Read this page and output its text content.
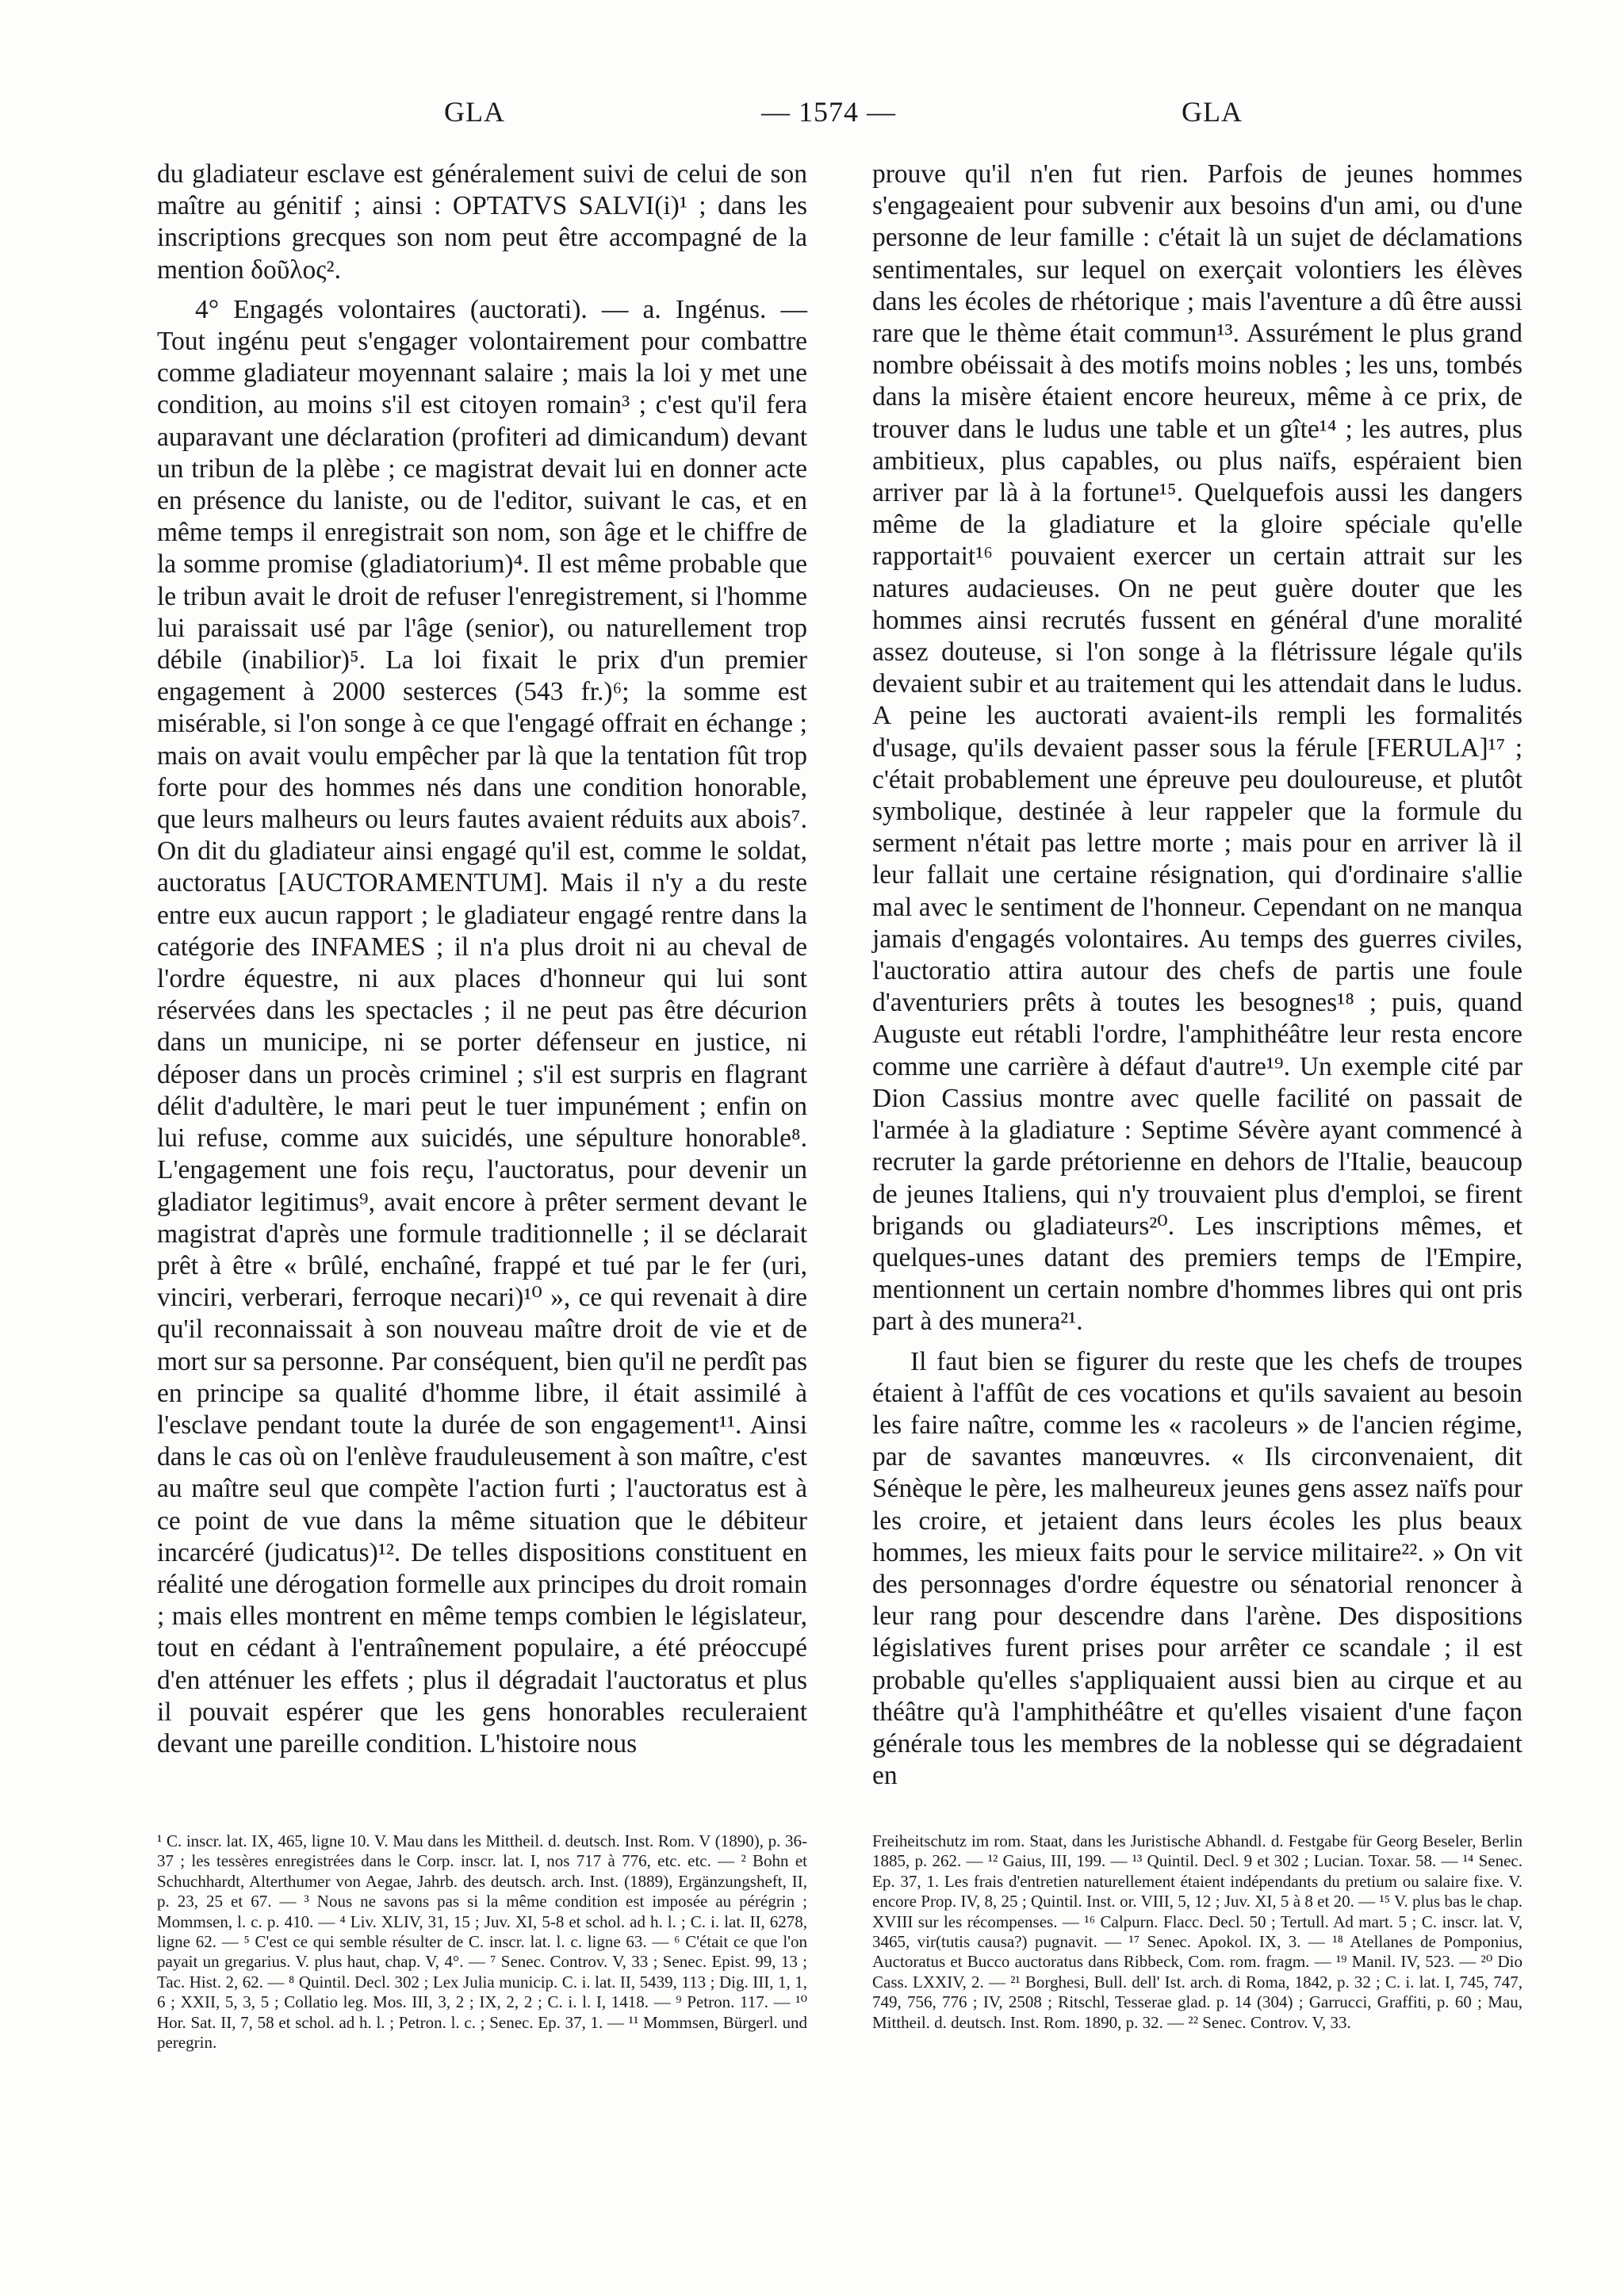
GLA	— 1574 —	GLA

du gladiateur esclave est généralement suivi de celui de son maître au génitif ; ainsi : OPTATVS SALVI(i)¹ ; dans les inscriptions grecques son nom peut être accompagné de la mention δοῦλος².

4° Engagés volontaires (auctorati). — a. Ingénus. — Tout ingénu peut s'engager volontairement pour combattre comme gladiateur moyennant salaire ; mais la loi y met une condition, au moins s'il est citoyen romain³ ; c'est qu'il fera auparavant une déclaration (profiteri ad dimicandum) devant un tribun de la plèbe ; ce magistrat devait lui en donner acte en présence du laniste, ou de l'editor, suivant le cas, et en même temps il enregistrait son nom, son âge et le chiffre de la somme promise (gladiatorium)⁴. Il est même probable que le tribun avait le droit de refuser l'enregistrement, si l'homme lui paraissait usé par l'âge (senior), ou naturellement trop débile (inabilior)⁵. La loi fixait le prix d'un premier engagement à 2000 sesterces (543 fr.)⁶; la somme est misérable, si l'on songe à ce que l'engagé offrait en échange ; mais on avait voulu empêcher par là que la tentation fût trop forte pour des hommes nés dans une condition honorable, que leurs malheurs ou leurs fautes avaient réduits aux abois⁷. On dit du gladiateur ainsi engagé qu'il est, comme le soldat, auctoratus [AUCTORAMENTUM]. Mais il n'y a du reste entre eux aucun rapport ; le gladiateur engagé rentre dans la catégorie des INFAMES ; il n'a plus droit ni au cheval de l'ordre équestre, ni aux places d'honneur qui lui sont réservées dans les spectacles ; il ne peut pas être décurion dans un municipe, ni se porter défenseur en justice, ni déposer dans un procès criminel ; s'il est surpris en flagrant délit d'adultère, le mari peut le tuer impunément ; enfin on lui refuse, comme aux suicidés, une sépulture honorable⁸. L'engagement une fois reçu, l'auctoratus, pour devenir un gladiator legitimus⁹, avait encore à prêter serment devant le magistrat d'après une formule traditionnelle ; il se déclarait prêt à être « brûlé, enchaîné, frappé et tué par le fer (uri, vinciri, verberari, ferroque necari)¹⁰ », ce qui revenait à dire qu'il reconnaissait à son nouveau maître droit de vie et de mort sur sa personne. Par conséquent, bien qu'il ne perdît pas en principe sa qualité d'homme libre, il était assimilé à l'esclave pendant toute la durée de son engagement¹¹. Ainsi dans le cas où on l'enlève frauduleusement à son maître, c'est au maître seul que compète l'action furti ; l'auctoratus est à ce point de vue dans la même situation que le débiteur incarcéré (judicatus)¹². De telles dispositions constituent en réalité une dérogation formelle aux principes du droit romain ; mais elles montrent en même temps combien le législateur, tout en cédant à l'entraînement populaire, a été préoccupé d'en atténuer les effets ; plus il dégradait l'auctoratus et plus il pouvait espérer que les gens honorables reculeraient devant une pareille condition. L'histoire nous

prouve qu'il n'en fut rien. Parfois de jeunes hommes s'engageaient pour subvenir aux besoins d'un ami, ou d'une personne de leur famille : c'était là un sujet de déclamations sentimentales, sur lequel on exerçait volontiers les élèves dans les écoles de rhétorique ; mais l'aventure a dû être aussi rare que le thème était commun¹³. Assurément le plus grand nombre obéissait à des motifs moins nobles ; les uns, tombés dans la misère étaient encore heureux, même à ce prix, de trouver dans le ludus une table et un gîte¹⁴ ; les autres, plus ambitieux, plus capables, ou plus naïfs, espéraient bien arriver par là à la fortune¹⁵. Quelquefois aussi les dangers même de la gladiature et la gloire spéciale qu'elle rapportait¹⁶ pouvaient exercer un certain attrait sur les natures audacieuses. On ne peut guère douter que les hommes ainsi recrutés fussent en général d'une moralité assez douteuse, si l'on songe à la flétrissure légale qu'ils devaient subir et au traitement qui les attendait dans le ludus. A peine les auctorati avaient-ils rempli les formalités d'usage, qu'ils devaient passer sous la férule [FERULA]¹⁷ ; c'était probablement une épreuve peu douloureuse, et plutôt symbolique, destinée à leur rappeler que la formule du serment n'était pas lettre morte ; mais pour en arriver là il leur fallait une certaine résignation, qui d'ordinaire s'allie mal avec le sentiment de l'honneur. Cependant on ne manqua jamais d'engagés volontaires. Au temps des guerres civiles, l'auctoratio attira autour des chefs de partis une foule d'aventuriers prêts à toutes les besognes¹⁸ ; puis, quand Auguste eut rétabli l'ordre, l'amphithéâtre leur resta encore comme une carrière à défaut d'autre¹⁹. Un exemple cité par Dion Cassius montre avec quelle facilité on passait de l'armée à la gladiature : Septime Sévère ayant commencé à recruter la garde prétorienne en dehors de l'Italie, beaucoup de jeunes Italiens, qui n'y trouvaient plus d'emploi, se firent brigands ou gladiateurs²⁰. Les inscriptions mêmes, et quelques-unes datant des premiers temps de l'Empire, mentionnent un certain nombre d'hommes libres qui ont pris part à des munera²¹.

Il faut bien se figurer du reste que les chefs de troupes étaient à l'affût de ces vocations et qu'ils savaient au besoin les faire naître, comme les « racoleurs » de l'ancien régime, par de savantes manœuvres. « Ils circonvenaient, dit Sénèque le père, les malheureux jeunes gens assez naïfs pour les croire, et jetaient dans leurs écoles les plus beaux hommes, les mieux faits pour le service militaire²². » On vit des personnages d'ordre équestre ou sénatorial renoncer à leur rang pour descendre dans l'arène. Des dispositions législatives furent prises pour arrêter ce scandale ; il est probable qu'elles s'appliquaient aussi bien au cirque et au théâtre qu'à l'amphithéâtre et qu'elles visaient d'une façon générale tous les membres de la noblesse qui se dégradaient en

¹ C. inscr. lat. IX, 465, ligne 10. V. Mau dans les Mittheil. d. deutsch. Inst. Rom. V (1890), p. 36-37 ; les tessères enregistrées dans le Corp. inscr. lat. I, nos 717 à 776, etc. etc. — ² Bohn et Schuchhardt, Alterthumer von Aegae, Jahrb. des deutsch. arch. Inst. (1889), Ergänzungsheft, II, p. 23, 25 et 67. — ³ Nous ne savons pas si la même condition est imposée au pérégrin ; Mommsen, l. c. p. 410. — ⁴ Liv. XLIV, 31, 15 ; Juv. XI, 5-8 et schol. ad h. l. ; C. i. lat. II, 6278, ligne 62. — ⁵ C'est ce qui semble résulter de C. inscr. lat. l. c. ligne 63. — ⁶ C'était ce que l'on payait un gregarius. V. plus haut, chap. V, 4°. — ⁷ Senec. Controv. V, 33 ; Senec. Epist. 99, 13 ; Tac. Hist. 2, 62. — ⁸ Quintil. Decl. 302 ; Lex Julia municip. C. i. lat. II, 5439, 113 ; Dig. III, 1, 1, 6 ; XXII, 5, 3, 5 ; Collatio leg. Mos. III, 3, 2 ; IX, 2, 2 ; C. i. l. I, 1418. — ⁹ Petron. 117. — ¹⁰ Hor. Sat. II, 7, 58 et schol. ad h. l. ; Petron. l. c. ; Senec. Ep. 37, 1. — ¹¹ Mommsen, Bürgerl. und peregrin.
Freiheitschutz im rom. Staat, dans les Juristische Abhandl. d. Festgabe für Georg Beseler, Berlin 1885, p. 262. — ¹² Gaius, III, 199. — ¹³ Quintil. Decl. 9 et 302 ; Lucian. Toxar. 58. — ¹⁴ Senec. Ep. 37, 1. Les frais d'entretien naturellement étaient indépendants du pretium ou salaire fixe. V. encore Prop. IV, 8, 25 ; Quintil. Inst. or. VIII, 5, 12 ; Juv. XI, 5 à 8 et 20. — ¹⁵ V. plus bas le chap. XVIII sur les récompenses. — ¹⁶ Calpurn. Flacc. Decl. 50 ; Tertull. Ad mart. 5 ; C. inscr. lat. V, 3465, vir(tutis causa?) pugnavit. — ¹⁷ Senec. Apokol. IX, 3. — ¹⁸ Atellanes de Pomponius, Auctoratus et Bucco auctoratus dans Ribbeck, Com. rom. fragm. — ¹⁹ Manil. IV, 523. — ²⁰ Dio Cass. LXXIV, 2. — ²¹ Borghesi, Bull. dell' Ist. arch. di Roma, 1842, p. 32 ; C. i. lat. I, 745, 747, 749, 756, 776 ; IV, 2508 ; Ritschl, Tesserae glad. p. 14 (304) ; Garrucci, Graffiti, p. 60 ; Mau, Mittheil. d. deutsch. Inst. Rom. 1890, p. 32. — ²² Senec. Controv. V, 33.
